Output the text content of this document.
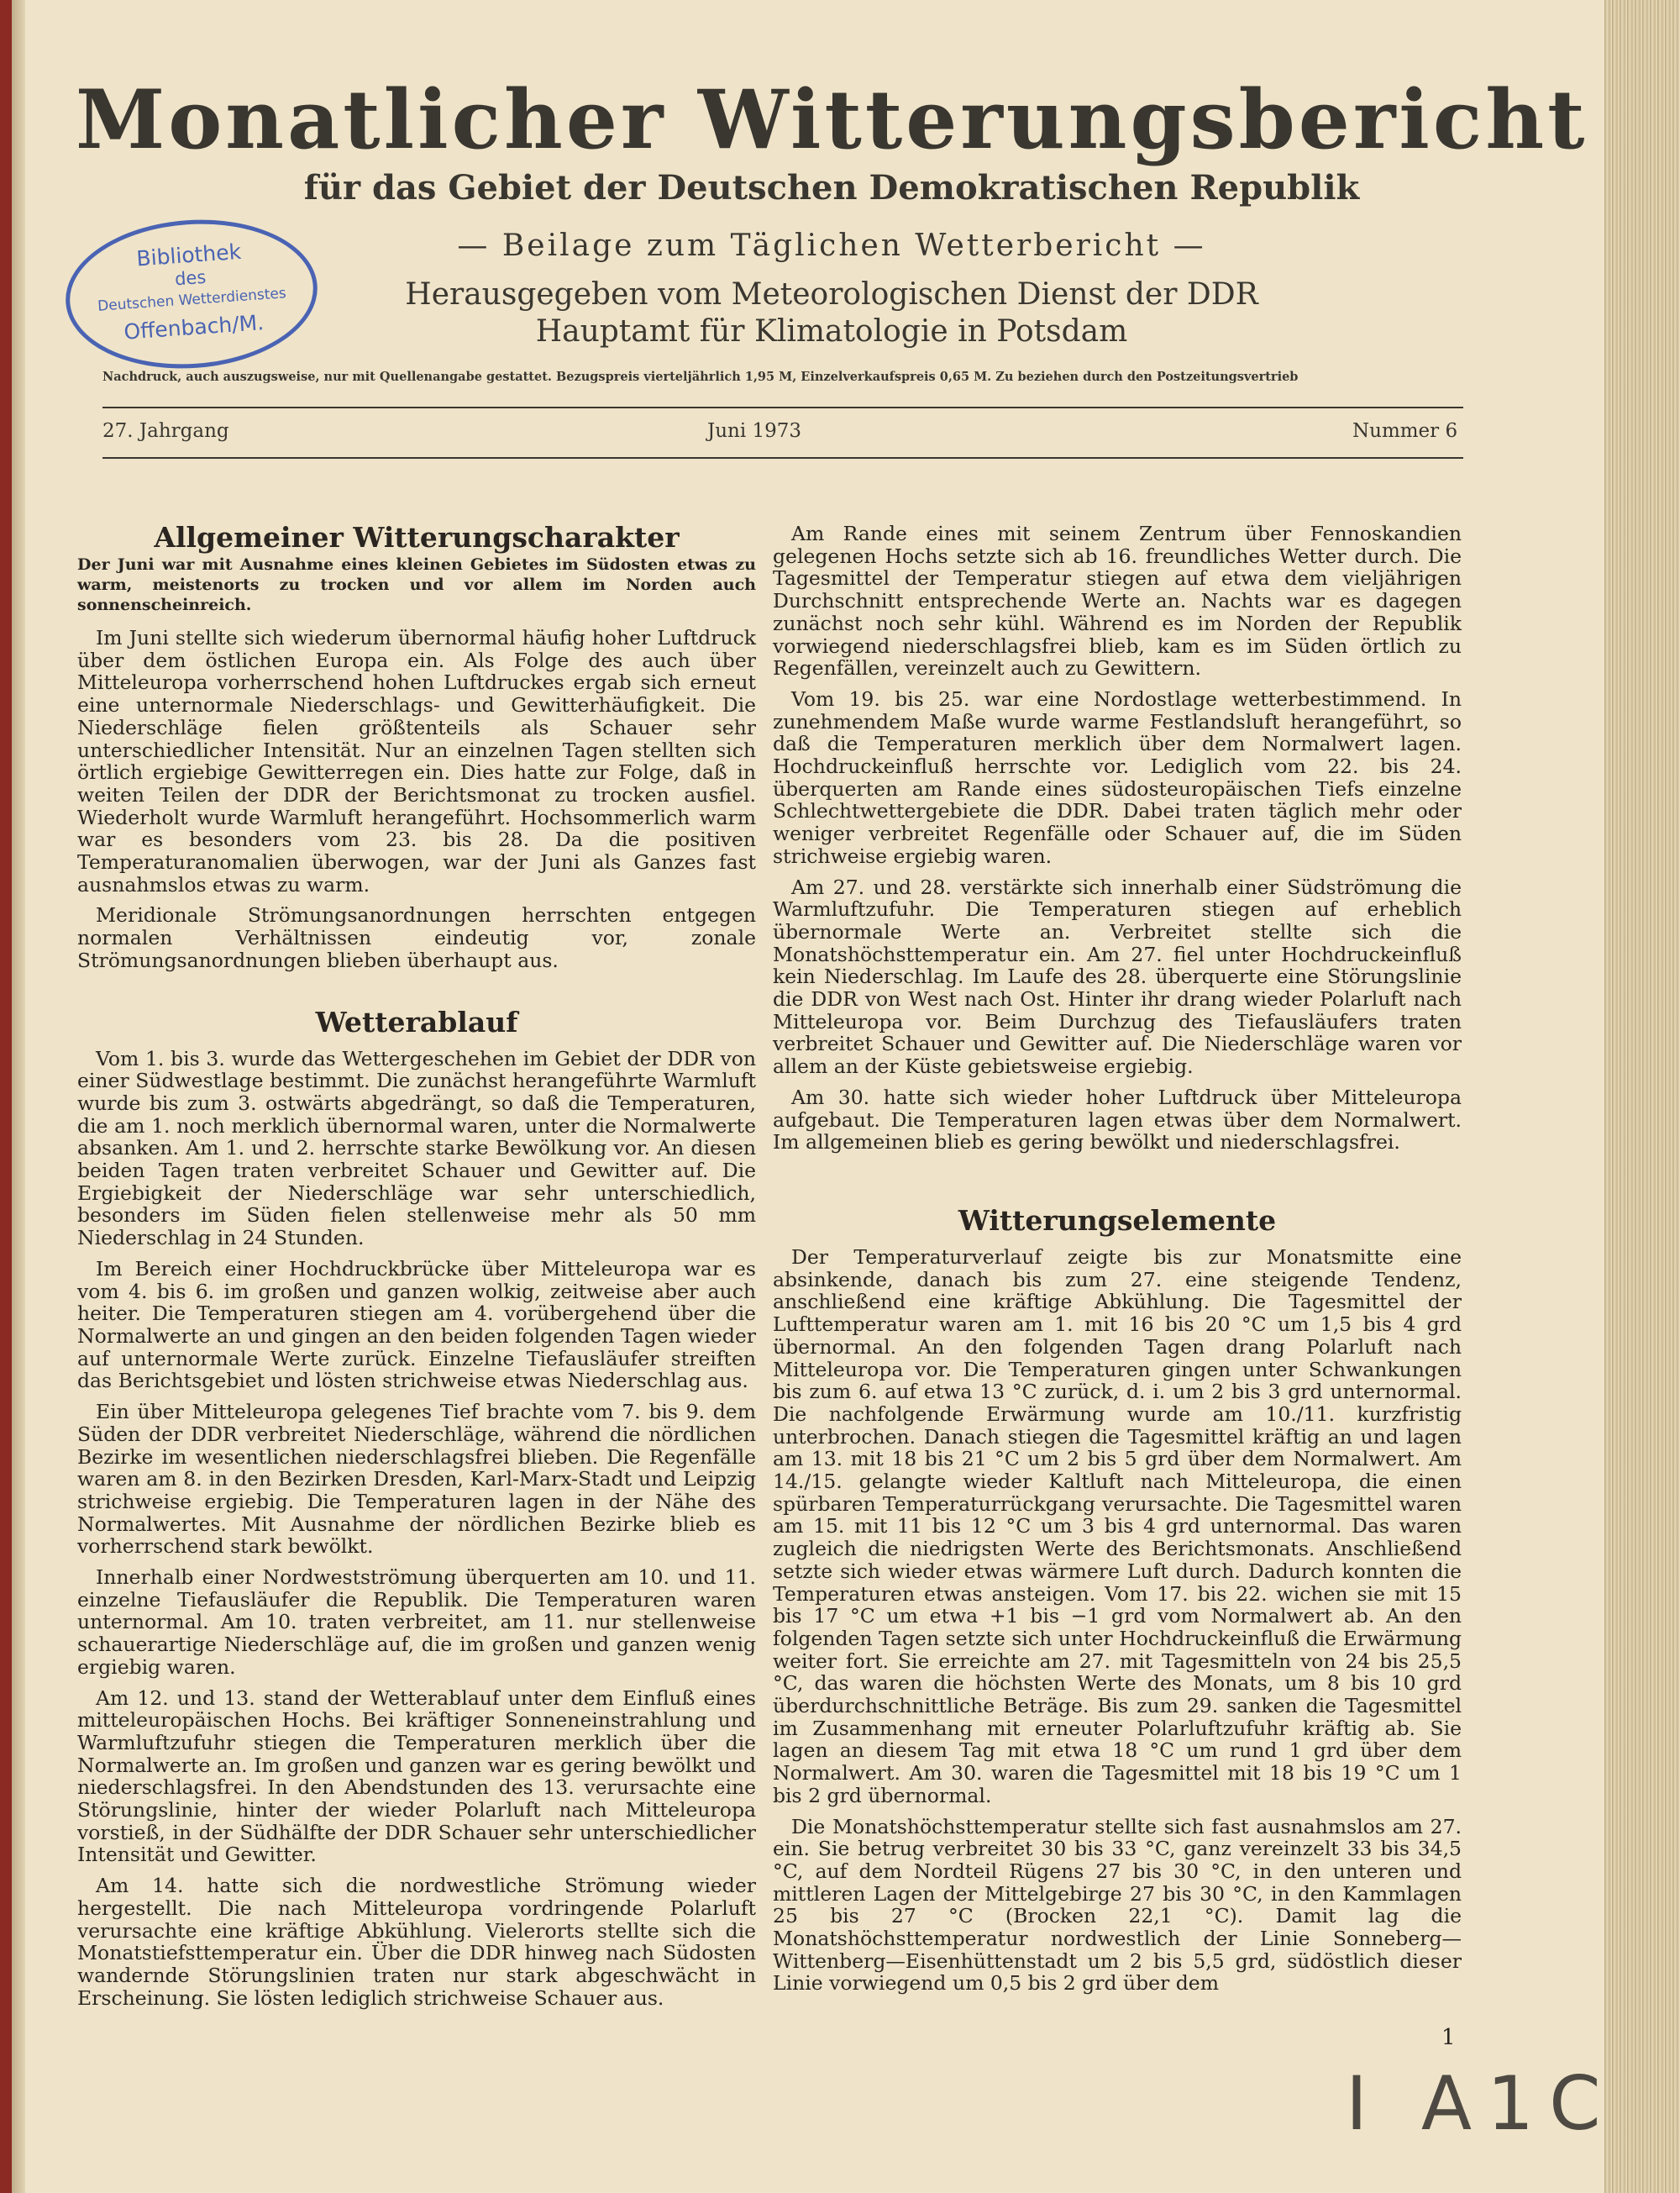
Monatlicher Witterungsbericht
für das Gebiet der Deutschen Demokratischen Republik
— Beilage zum Täglichen Wetterbericht —
Herausgegeben vom Meteorologischen Dienst der DDR
Hauptamt für Klimatologie in Potsdam
Bibliothek
des
Deutschen Wetterdienstes
Offenbach/M.
Nachdruck, auch auszugsweise, nur mit Quellenangabe gestattet. Bezugspreis vierteljährlich 1,95 M, Einzelverkaufspreis 0,65 M. Zu beziehen durch den Postzeitungsvertrieb
27. Jahrgang	Juni 1973	Nummer 6
Allgemeiner Witterungscharakter
Der Juni war mit Ausnahme eines kleinen Gebietes im Südosten etwas zu warm, meistenorts zu trocken und vor allem im Norden auch sonnenscheinreich.

Im Juni stellte sich wiederum übernormal häufig hoher Luftdruck über dem östlichen Europa ein. Als Folge des auch über Mitteleuropa vorherrschend hohen Luftdruckes ergab sich erneut eine unternormale Niederschlags- und Gewitterhäufigkeit. Die Niederschläge fielen größtenteils als Schauer sehr unterschiedlicher Intensität. Nur an einzelnen Tagen stellten sich örtlich ergiebige Gewitterregen ein. Dies hatte zur Folge, daß in weiten Teilen der DDR der Berichtsmonat zu trocken ausfiel. Wiederholt wurde Warmluft herangeführt. Hochsommerlich warm war es besonders vom 23. bis 28. Da die positiven Temperaturanomalien überwogen, war der Juni als Ganzes fast ausnahmslos etwas zu warm.

Meridionale Strömungsanordnungen herrschten entgegen normalen Verhältnissen eindeutig vor, zonale Strömungsanordnungen blieben überhaupt aus.

Wetterablauf

Vom 1. bis 3. wurde das Wettergeschehen im Gebiet der DDR von einer Südwestlage bestimmt. Die zunächst herangeführte Warmluft wurde bis zum 3. ostwärts abgedrängt, so daß die Temperaturen, die am 1. noch merklich übernormal waren, unter die Normalwerte absanken. Am 1. und 2. herrschte starke Bewölkung vor. An diesen beiden Tagen traten verbreitet Schauer und Gewitter auf. Die Ergiebigkeit der Niederschläge war sehr unterschiedlich, besonders im Süden fielen stellenweise mehr als 50 mm Niederschlag in 24 Stunden.

Im Bereich einer Hochdruckbrücke über Mitteleuropa war es vom 4. bis 6. im großen und ganzen wolkig, zeitweise aber auch heiter. Die Temperaturen stiegen am 4. vorübergehend über die Normalwerte an und gingen an den beiden folgenden Tagen wieder auf unternormale Werte zurück. Einzelne Tiefausläufer streiften das Berichtsgebiet und lösten strichweise etwas Niederschlag aus.

Ein über Mitteleuropa gelegenes Tief brachte vom 7. bis 9. dem Süden der DDR verbreitet Niederschläge, während die nördlichen Bezirke im wesentlichen niederschlagsfrei blieben. Die Regenfälle waren am 8. in den Bezirken Dresden, Karl-Marx-Stadt und Leipzig strichweise ergiebig. Die Temperaturen lagen in der Nähe des Normalwertes. Mit Ausnahme der nördlichen Bezirke blieb es vorherrschend stark bewölkt.

Innerhalb einer Nordwestströmung überquerten am 10. und 11. einzelne Tiefausläufer die Republik. Die Temperaturen waren unternormal. Am 10. traten verbreitet, am 11. nur stellenweise schauerartige Niederschläge auf, die im großen und ganzen wenig ergiebig waren.

Am 12. und 13. stand der Wetterablauf unter dem Einfluß eines mitteleuropäischen Hochs. Bei kräftiger Sonneneinstrahlung und Warmluftzufuhr stiegen die Temperaturen merklich über die Normalwerte an. Im großen und ganzen war es gering bewölkt und niederschlagsfrei. In den Abendstunden des 13. verursachte eine Störungslinie, hinter der wieder Polarluft nach Mitteleuropa vorstieß, in der Südhälfte der DDR Schauer sehr unterschiedlicher Intensität und Gewitter.

Am 14. hatte sich die nordwestliche Strömung wieder hergestellt. Die nach Mitteleuropa vordringende Polarluft verursachte eine kräftige Abkühlung. Vielerorts stellte sich die Monatstiefsttemperatur ein. Über die DDR hinweg nach Südosten wandernde Störungslinien traten nur stark abgeschwächt in Erscheinung. Sie lösten lediglich strichweise Schauer aus.

Am Rande eines mit seinem Zentrum über Fennoskandien gelegenen Hochs setzte sich ab 16. freundliches Wetter durch. Die Tagesmittel der Temperatur stiegen auf etwa dem vieljährigen Durchschnitt entsprechende Werte an. Nachts war es dagegen zunächst noch sehr kühl. Während es im Norden der Republik vorwiegend niederschlagsfrei blieb, kam es im Süden örtlich zu Regenfällen, vereinzelt auch zu Gewittern.

Vom 19. bis 25. war eine Nordostlage wetterbestimmend. In zunehmendem Maße wurde warme Festlandsluft herangeführt, so daß die Temperaturen merklich über dem Normalwert lagen. Hochdruckeinfluß herrschte vor. Lediglich vom 22. bis 24. überquerten am Rande eines südosteuropäischen Tiefs einzelne Schlechtwettergebiete die DDR. Dabei traten täglich mehr oder weniger verbreitet Regenfälle oder Schauer auf, die im Süden strichweise ergiebig waren.

Am 27. und 28. verstärkte sich innerhalb einer Südströmung die Warmluftzufuhr. Die Temperaturen stiegen auf erheblich übernormale Werte an. Verbreitet stellte sich die Monatshöchsttemperatur ein. Am 27. fiel unter Hochdruckeinfluß kein Niederschlag. Im Laufe des 28. überquerte eine Störungslinie die DDR von West nach Ost. Hinter ihr drang wieder Polarluft nach Mitteleuropa vor. Beim Durchzug des Tiefausläufers traten verbreitet Schauer und Gewitter auf. Die Niederschläge waren vor allem an der Küste gebietsweise ergiebig.

Am 30. hatte sich wieder hoher Luftdruck über Mitteleuropa aufgebaut. Die Temperaturen lagen etwas über dem Normalwert. Im allgemeinen blieb es gering bewölkt und niederschlagsfrei.

Witterungselemente

Der Temperaturverlauf zeigte bis zur Monatsmitte eine absinkende, danach bis zum 27. eine steigende Tendenz, anschließend eine kräftige Abkühlung. Die Tagesmittel der Lufttemperatur waren am 1. mit 16 bis 20 °C um 1,5 bis 4 grd übernormal. An den folgenden Tagen drang Polarluft nach Mitteleuropa vor. Die Temperaturen gingen unter Schwankungen bis zum 6. auf etwa 13 °C zurück, d. i. um 2 bis 3 grd unternormal. Die nachfolgende Erwärmung wurde am 10./11. kurzfristig unterbrochen. Danach stiegen die Tagesmittel kräftig an und lagen am 13. mit 18 bis 21 °C um 2 bis 5 grd über dem Normalwert. Am 14./15. gelangte wieder Kaltluft nach Mitteleuropa, die einen spürbaren Temperaturrückgang verursachte. Die Tagesmittel waren am 15. mit 11 bis 12 °C um 3 bis 4 grd unternormal. Das waren zugleich die niedrigsten Werte des Berichtsmonats. Anschließend setzte sich wieder etwas wärmere Luft durch. Dadurch konnten die Temperaturen etwas ansteigen. Vom 17. bis 22. wichen sie mit 15 bis 17 °C um etwa +1 bis −1 grd vom Normalwert ab. An den folgenden Tagen setzte sich unter Hochdruckeinfluß die Erwärmung weiter fort. Sie erreichte am 27. mit Tagesmitteln von 24 bis 25,5 °C, das waren die höchsten Werte des Monats, um 8 bis 10 grd überdurchschnittliche Beträge. Bis zum 29. sanken die Tagesmittel im Zusammenhang mit erneuter Polarluftzufuhr kräftig ab. Sie lagen an diesem Tag mit etwa 18 °C um rund 1 grd über dem Normalwert. Am 30. waren die Tagesmittel mit 18 bis 19 °C um 1 bis 2 grd übernormal.

Die Monatshöchsttemperatur stellte sich fast ausnahmslos am 27. ein. Sie betrug verbreitet 30 bis 33 °C, ganz vereinzelt 33 bis 34,5 °C, auf dem Nordteil Rügens 27 bis 30 °C, in den unteren und mittleren Lagen der Mittelgebirge 27 bis 30 °C, in den Kammlagen 25 bis 27 °C (Brocken 22,1 °C). Damit lag die Monatshöchsttemperatur nordwestlich der Linie Sonneberg—Wittenberg—Eisenhüttenstadt um 2 bis 5,5 grd, südöstlich dieser Linie vorwiegend um 0,5 bis 2 grd über dem

1
I A1C
